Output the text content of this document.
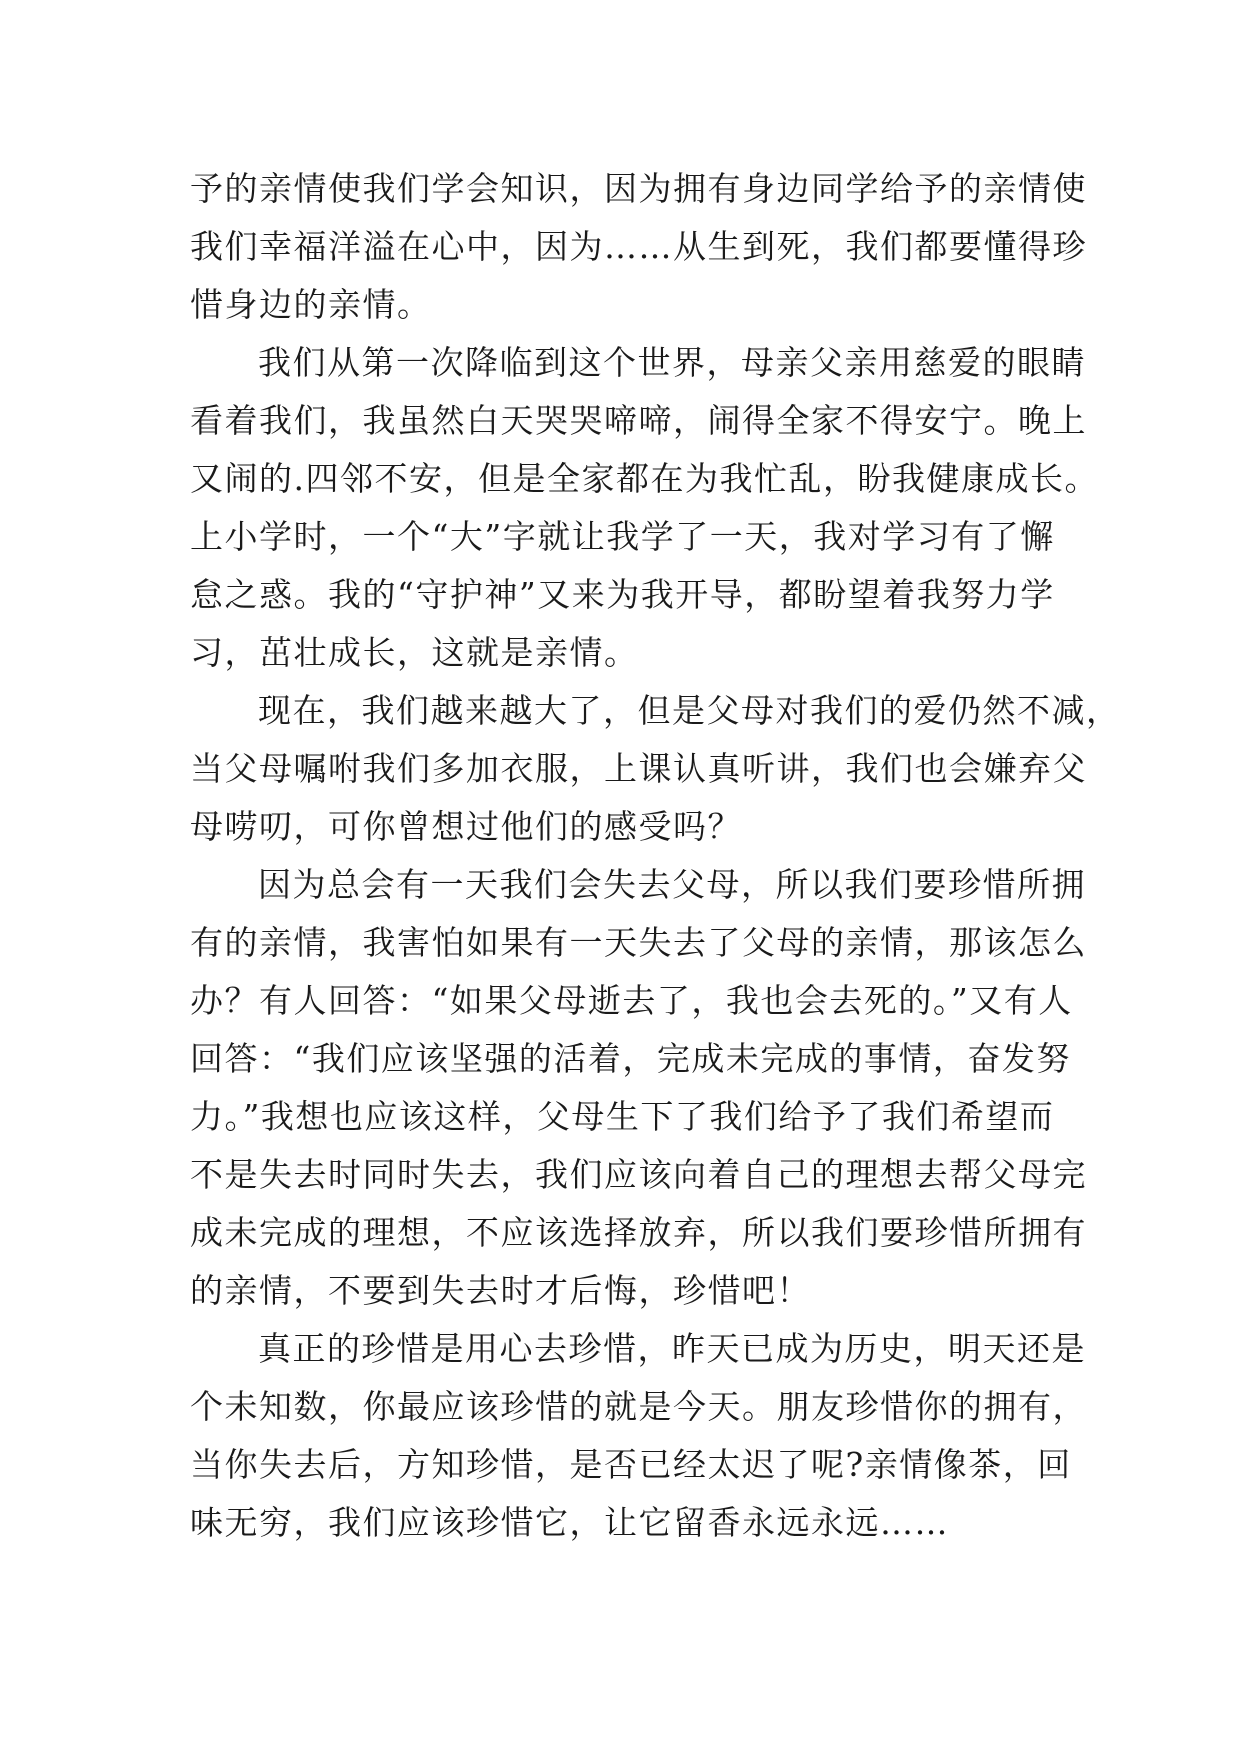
予的亲情使我们学会知识，因为拥有身边同学给予的亲情使
我们幸福洋溢在心中，因为……从生到死，我们都要懂得珍
惜身边的亲情。
我们从第一次降临到这个世界，母亲父亲用慈爱的眼睛
看着我们，我虽然白天哭哭啼啼，闹得全家不得安宁。晚上
又闹的.四邻不安，但是全家都在为我忙乱，盼我健康成长。
上小学时，一个“大”字就让我学了一天，我对学习有了懈
怠之惑。我的“守护神”又来为我开导，都盼望着我努力学
习，茁壮成长，这就是亲情。
现在，我们越来越大了，但是父母对我们的爱仍然不减，
当父母嘱咐我们多加衣服，上课认真听讲，我们也会嫌弃父
母唠叨，可你曾想过他们的感受吗？
因为总会有一天我们会失去父母，所以我们要珍惜所拥
有的亲情，我害怕如果有一天失去了父母的亲情，那该怎么
办？有人回答：“如果父母逝去了，我也会去死的。”又有人
回答：“我们应该坚强的活着，完成未完成的事情，奋发努
力。”我想也应该这样，父母生下了我们给予了我们希望而
不是失去时同时失去，我们应该向着自己的理想去帮父母完
成未完成的理想，不应该选择放弃，所以我们要珍惜所拥有
的亲情，不要到失去时才后悔，珍惜吧！
真正的珍惜是用心去珍惜，昨天已成为历史，明天还是
个未知数，你最应该珍惜的就是今天。朋友珍惜你的拥有，
当你失去后，方知珍惜，是否已经太迟了呢?亲情像茶，回
味无穷，我们应该珍惜它，让它留香永远永远……
